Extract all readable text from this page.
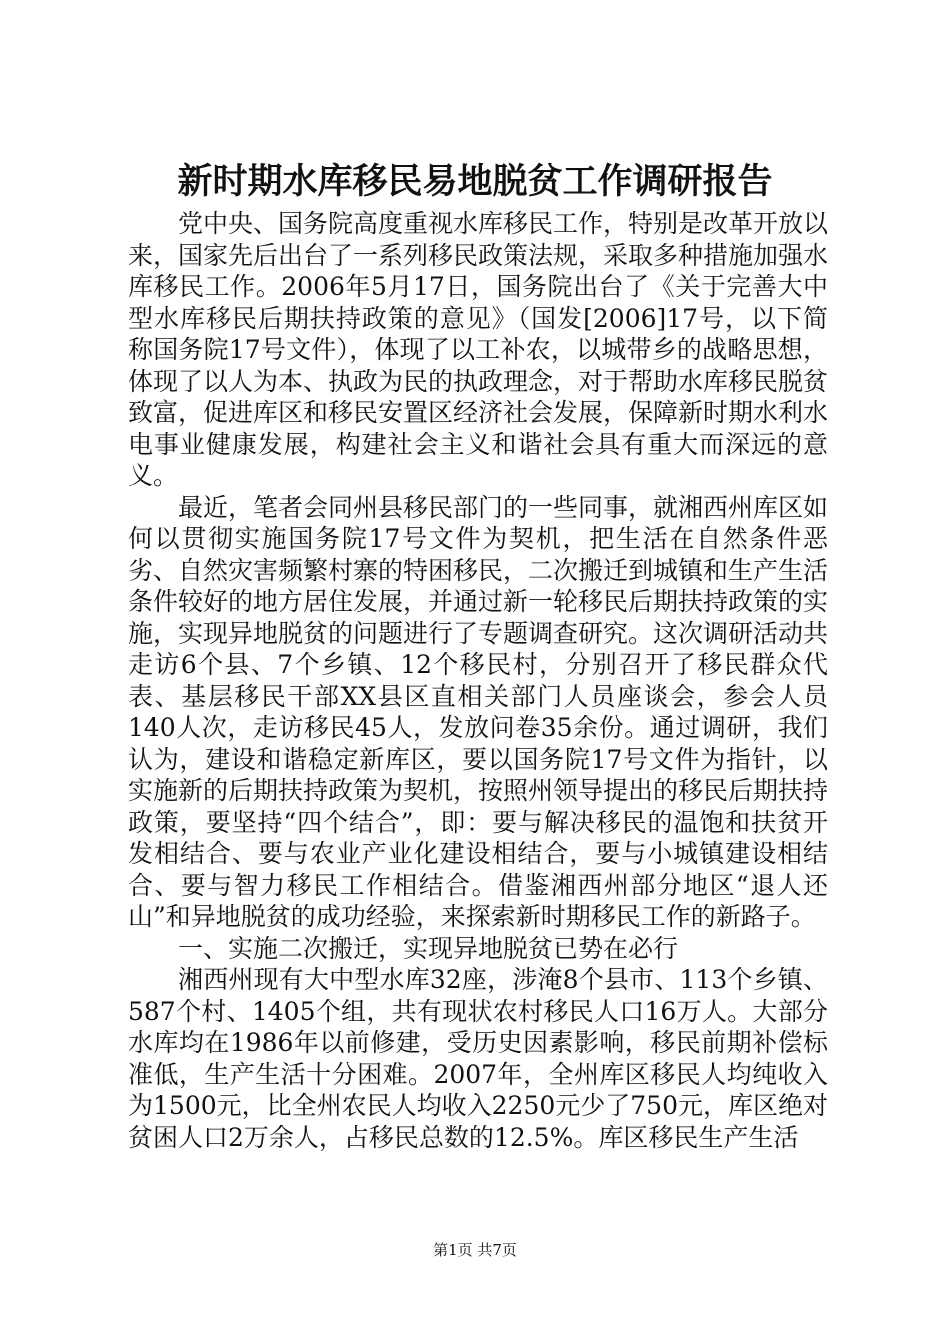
新时期水库移民易地脱贫工作调研报告

党中央、国务院高度重视水库移民工作，特别是改革开放以来，国家先后出台了一系列移民政策法规，采取多种措施加强水库移民工作。2006年5月17日，国务院出台了《关于完善大中型水库移民后期扶持政策的意见》（国发[2006]17号，以下简称国务院17号文件），体现了以工补农，以城带乡的战略思想，体现了以人为本、执政为民的执政理念，对于帮助水库移民脱贫致富，促进库区和移民安置区经济社会发展，保障新时期水利水电事业健康发展，构建社会主义和谐社会具有重大而深远的意义。

最近，笔者会同州县移民部门的一些同事，就湘西州库区如何以贯彻实施国务院17号文件为契机，把生活在自然条件恶劣、自然灾害频繁村寨的特困移民，二次搬迁到城镇和生产生活条件较好的地方居住发展，并通过新一轮移民后期扶持政策的实施，实现异地脱贫的问题进行了专题调查研究。这次调研活动共走访6个县、7个乡镇、12个移民村，分别召开了移民群众代表、基层移民干部XX县区直相关部门人员座谈会，参会人员140人次，走访移民45人，发放问卷35余份。通过调研，我们认为，建设和谐稳定新库区，要以国务院17号文件为指针，以实施新的后期扶持政策为契机，按照州领导提出的移民后期扶持政策，要坚持“四个结合”，即：要与解决移民的温饱和扶贫开发相结合、要与农业产业化建设相结合，要与小城镇建设相结合、要与智力移民工作相结合。借鉴湘西州部分地区“退人还山”和异地脱贫的成功经验，来探索新时期移民工作的新路子。

一、实施二次搬迁，实现异地脱贫已势在必行

湘西州现有大中型水库32座，涉淹8个县市、113个乡镇、587个村、1405个组，共有现状农村移民人口16万人。大部分水库均在1986年以前修建，受历史因素影响，移民前期补偿标准低，生产生活十分困难。2007年，全州库区移民人均纯收入为1500元，比全州农民人均收入2250元少了750元，库区绝对贫困人口2万余人，占移民总数的12.5%。库区移民生产生活

第1页 共7页
